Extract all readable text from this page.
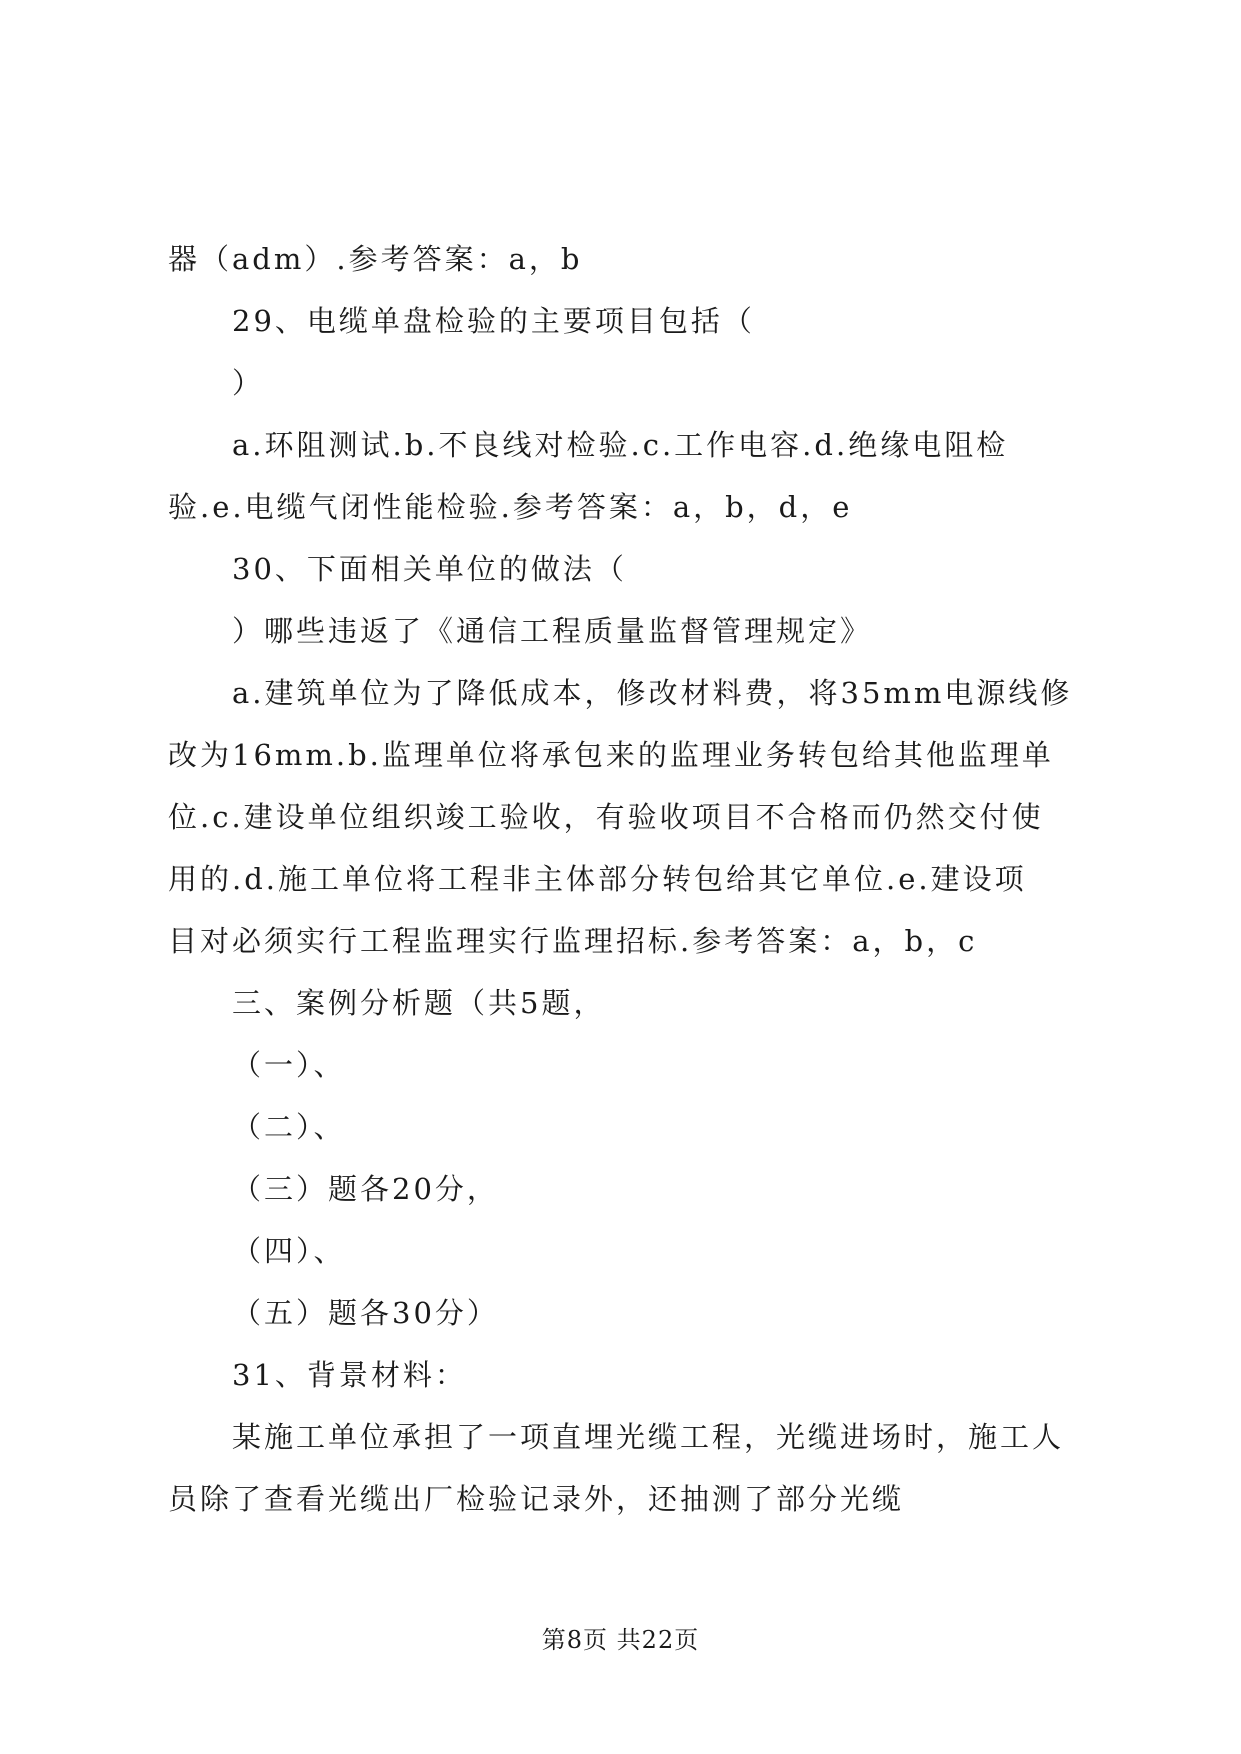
器（adm）.参考答案：a，b
29、电缆单盘检验的主要项目包括（
）
a.环阻测试.b.不良线对检验.c.工作电容.d.绝缘电阻检
验.e.电缆气闭性能检验.参考答案：a，b，d，e
30、下面相关单位的做法（
）哪些违返了《通信工程质量监督管理规定》
a.建筑单位为了降低成本，修改材料费，将35mm电源线修
改为16mm.b.监理单位将承包来的监理业务转包给其他监理单
位.c.建设单位组织竣工验收，有验收项目不合格而仍然交付使
用的.d.施工单位将工程非主体部分转包给其它单位.e.建设项
目对必须实行工程监理实行监理招标.参考答案：a，b，c
三、案例分析题（共5题，
（一）、
（二）、
（三）题各20分，
（四）、
（五）题各30分）
31、背景材料：
某施工单位承担了一项直埋光缆工程，光缆进场时，施工人
员除了查看光缆出厂检验记录外，还抽测了部分光缆
第8页 共22页
